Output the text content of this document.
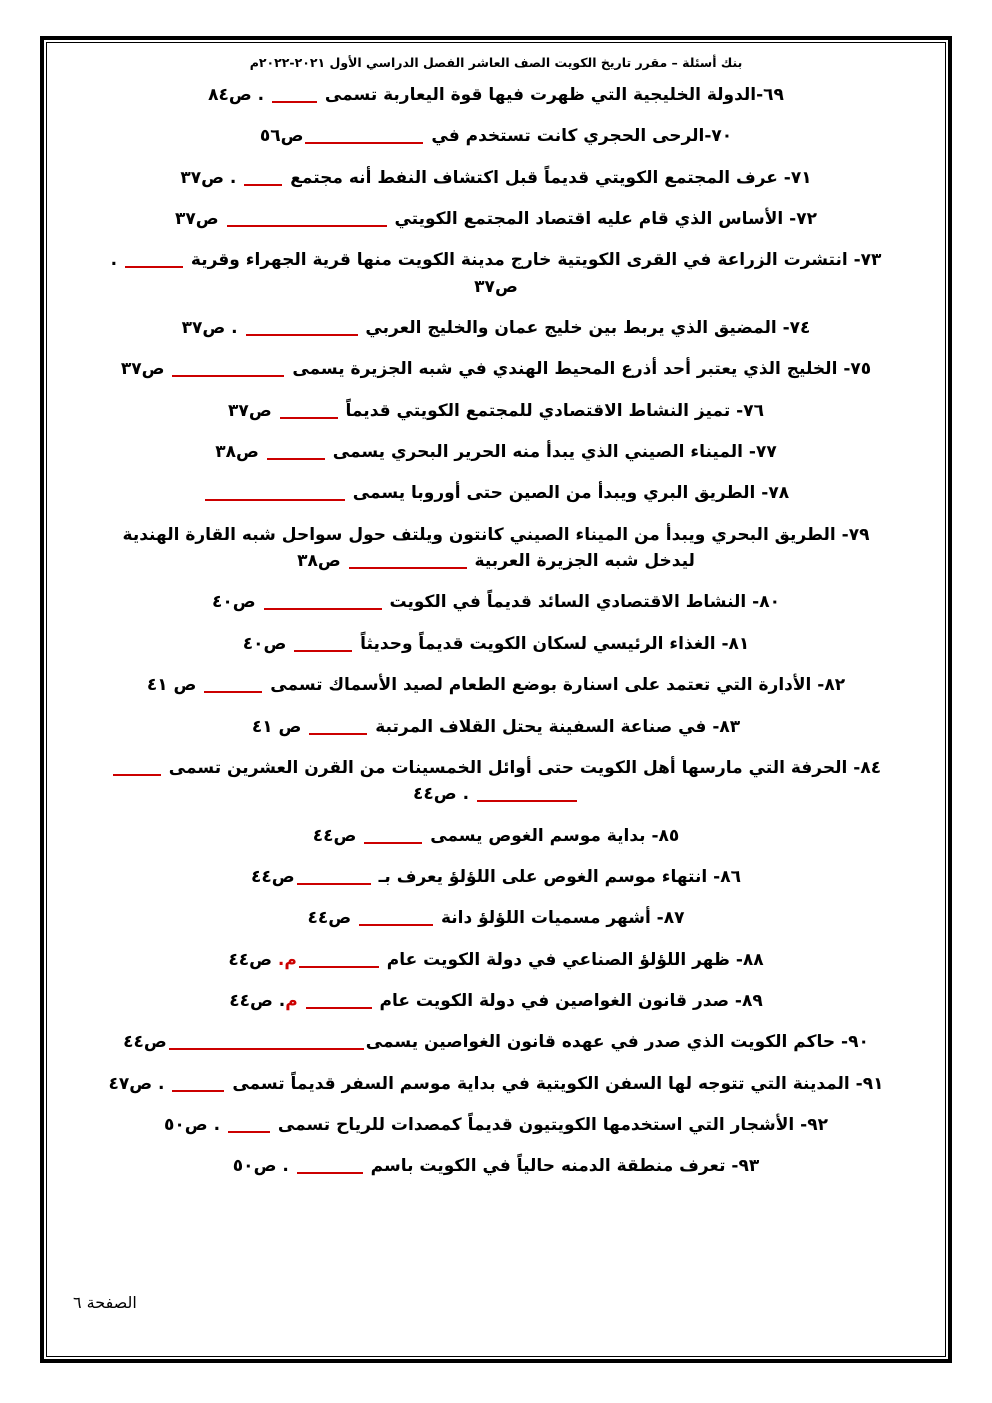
بنك أسئلة – مقرر تاريخ الكويت الصف العاشر الفصل الدراسي الأول ٢٠٢١-٢٠٢٢م
٦٩-الدولة الخليجية التي ظهرت فيها قوة اليعاربة تسمى  . ص٨٤
٧٠-الرحى الحجري كانت تستخدم في ص٥٦
٧١- عرف المجتمع الكويتي قديماً قبل اكتشاف النفط أنه مجتمع  . ص٣٧
٧٢- الأساس الذي قام عليه اقتصاد المجتمع الكويتي  ص٣٧
٧٣- انتشرت الزراعة في القرى الكويتية خارج مدينة الكويت منها قرية الجهراء وقرية  .
ص٣٧
٧٤- المضيق الذي يربط بين خليج عمان والخليج العربي  . ص٣٧
٧٥- الخليج الذي يعتبر أحد أذرع المحيط الهندي في شبه الجزيرة يسمى  ص٣٧
٧٦- تميز النشاط الاقتصادي للمجتمع الكويتي قديماً  ص٣٧
٧٧- الميناء الصيني الذي يبدأ منه الحرير البحري يسمى  ص٣٨
٧٨- الطريق البري ويبدأ من الصين حتى أوروبا يسمى
٧٩- الطريق البحري ويبدأ من الميناء الصيني كانتون ويلتف حول سواحل شبه القارة الهندية
ليدخل شبه الجزيرة العربية  ص٣٨
٨٠- النشاط الاقتصادي السائد قديماً في الكويت  ص٤٠
٨١- الغذاء الرئيسي لسكان الكويت قديماً وحديثاً  ص٤٠
٨٢- الأدارة التي تعتمد على اسنارة بوضع الطعام لصيد الأسماك تسمى  ص ٤١
٨٣- في صناعة السفينة يحتل القلاف المرتبة  ص ٤١
٨٤- الحرفة التي مارسها أهل الكويت حتى أوائل الخمسينات من القرن العشرين تسمى
. ص٤٤
٨٥- بداية موسم الغوص يسمى  ص٤٤
٨٦- انتهاء موسم الغوص على اللؤلؤ يعرف بـ ص٤٤
٨٧- أشهر مسميات اللؤلؤ دانة  ص٤٤
٨٨- ظهر اللؤلؤ الصناعي في دولة الكويت عام م. ص٤٤
٨٩- صدر قانون الغواصين في دولة الكويت عام  م. ص٤٤
٩٠- حاكم الكويت الذي صدر في عهده قانون الغواصين يسمىص٤٤
٩١- المدينة التي تتوجه لها السفن الكويتية في بداية موسم السفر قديماً تسمى  . ص٤٧
٩٢- الأشجار التي استخدمها الكويتيون قديماً كمصدات للرياح تسمى  . ص٥٠
٩٣- تعرف منطقة الدمنه حالياً في الكويت باسم  . ص٥٠
الصفحة ٦
